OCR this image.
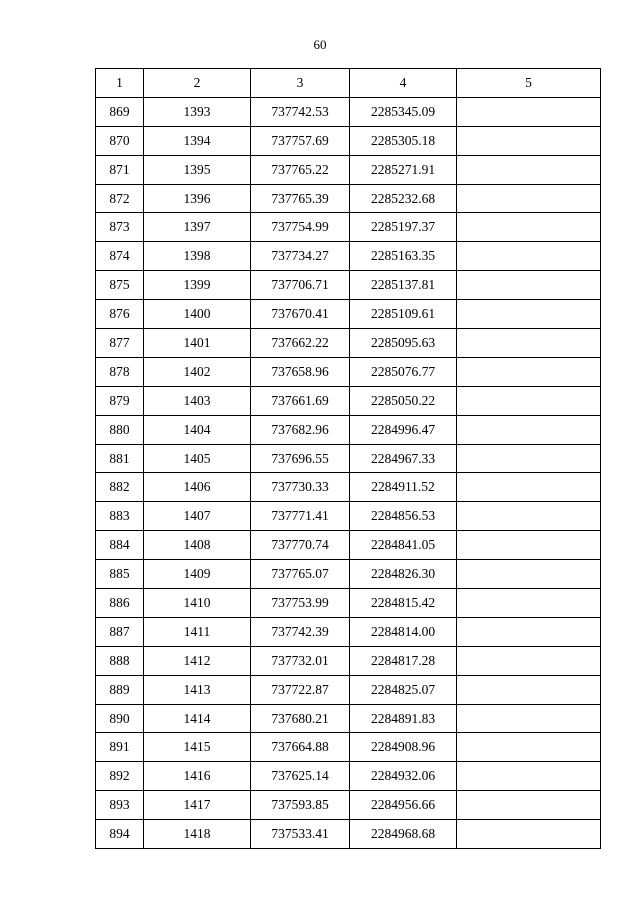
60
1	2	3	4	5
869	1393	737742.53	2285345.09	
870	1394	737757.69	2285305.18	
871	1395	737765.22	2285271.91	
872	1396	737765.39	2285232.68	
873	1397	737754.99	2285197.37	
874	1398	737734.27	2285163.35	
875	1399	737706.71	2285137.81	
876	1400	737670.41	2285109.61	
877	1401	737662.22	2285095.63	
878	1402	737658.96	2285076.77	
879	1403	737661.69	2285050.22	
880	1404	737682.96	2284996.47	
881	1405	737696.55	2284967.33	
882	1406	737730.33	2284911.52	
883	1407	737771.41	2284856.53	
884	1408	737770.74	2284841.05	
885	1409	737765.07	2284826.30	
886	1410	737753.99	2284815.42	
887	1411	737742.39	2284814.00	
888	1412	737732.01	2284817.28	
889	1413	737722.87	2284825.07	
890	1414	737680.21	2284891.83	
891	1415	737664.88	2284908.96	
892	1416	737625.14	2284932.06	
893	1417	737593.85	2284956.66	
894	1418	737533.41	2284968.68	
